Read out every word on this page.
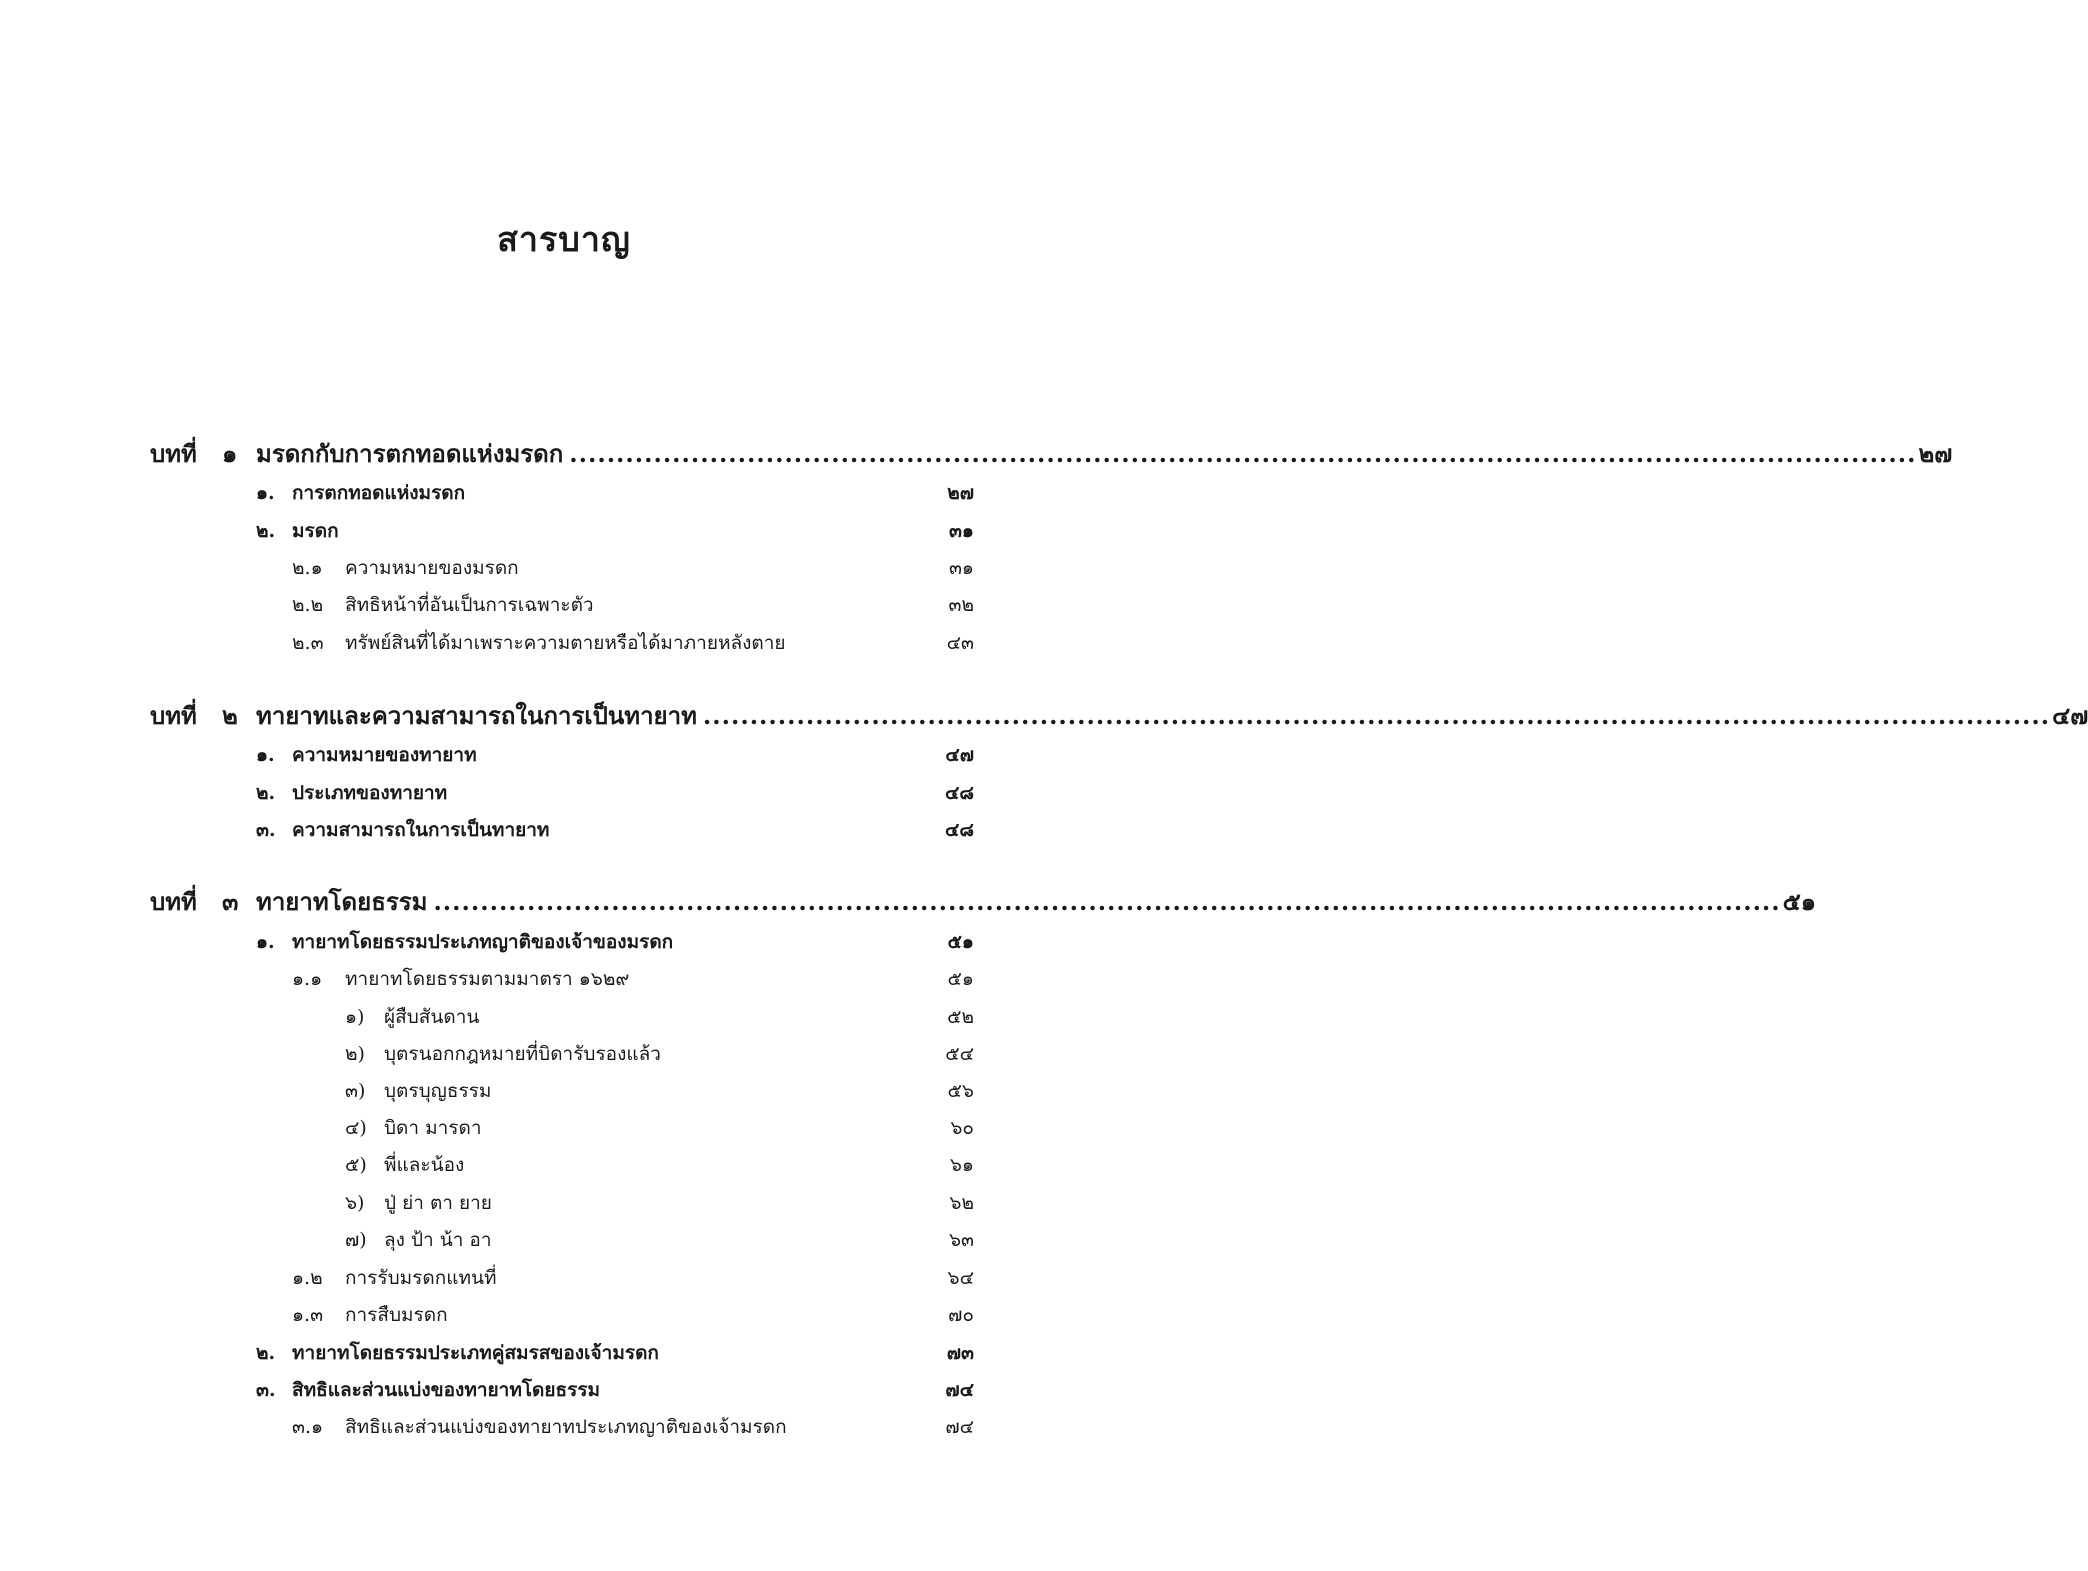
สารบาญ
บทที่ ๑ มรดกกับการตกทอดแห่งมรดก ................................................................................................................................................ ๒๗
๑. การตกทอดแห่งมรดก	๒๗
๒. มรดก	๓๑
๒.๑ ความหมายของมรดก	๓๑
๒.๒ สิทธิหน้าที่อันเป็นการเฉพาะตัว	๓๒
๒.๓ ทรัพย์สินที่ได้มาเพราะความตายหรือได้มาภายหลังตาย	๔๓
บทที่ ๒ ทายาทและความสามารถในการเป็นทายาท ................................................................................................................................................ ๔๗
๑. ความหมายของทายาท	๔๗
๒. ประเภทของทายาท	๔๘
๓. ความสามารถในการเป็นทายาท	๔๘
บทที่ ๓ ทายาทโดยธรรม ................................................................................................................................................ ๕๑
๑. ทายาทโดยธรรมประเภทญาติของเจ้าของมรดก	๕๑
๑.๑ ทายาทโดยธรรมตามมาตรา ๑๖๒๙	๕๑
๑) ผู้สืบสันดาน	๕๒
๒) บุตรนอกกฎหมายที่บิดารับรองแล้ว	๕๔
๓) บุตรบุญธรรม	๕๖
๔) บิดา มารดา	๖๐
๕) พี่และน้อง	๖๑
๖) ปู่ ย่า ตา ยาย	๖๒
๗) ลุง ป้า น้า อา	๖๓
๑.๒ การรับมรดกแทนที่	๖๔
๑.๓ การสืบมรดก	๗๐
๒. ทายาทโดยธรรมประเภทคู่สมรสของเจ้ามรดก	๗๓
๓. สิทธิและส่วนแบ่งของทายาทโดยธรรม	๗๔
๓.๑ สิทธิและส่วนแบ่งของทายาทประเภทญาติของเจ้ามรดก	๗๔
